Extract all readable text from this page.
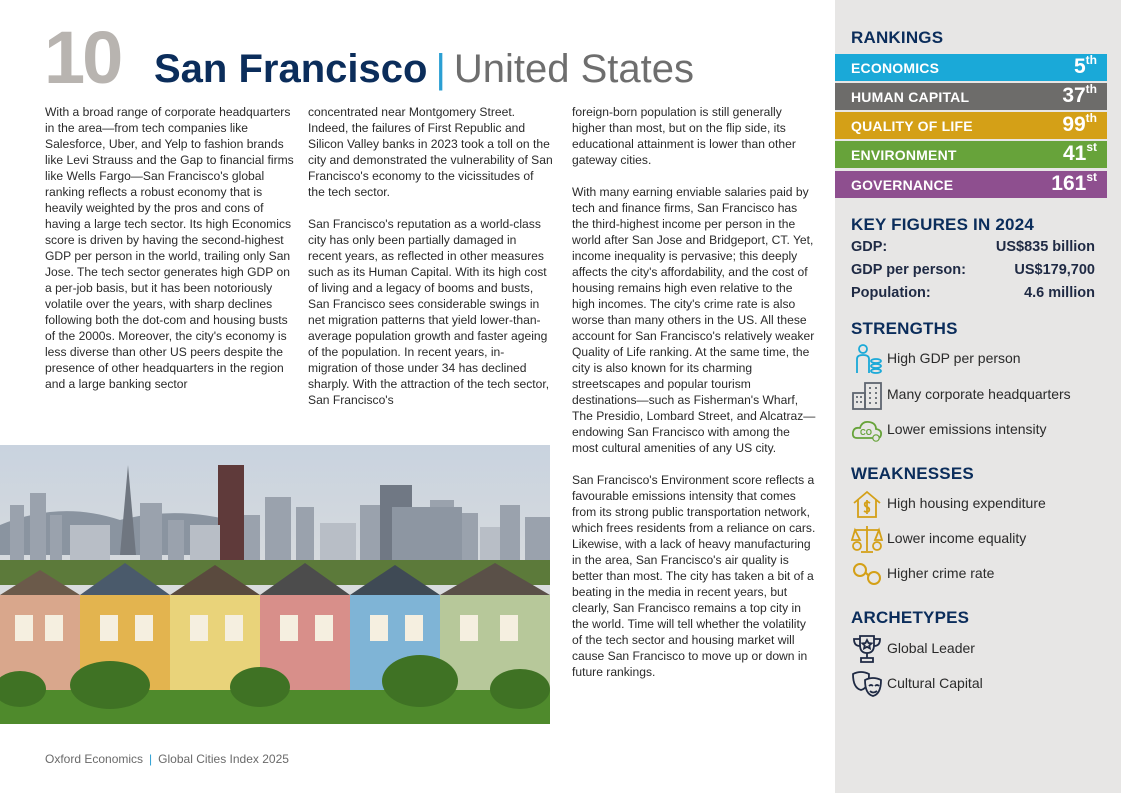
10 San Francisco | United States

With a broad range of corporate headquarters in the area—from tech companies like Salesforce, Uber, and Yelp to fashion brands like Levi Strauss and the Gap to financial firms like Wells Fargo—San Francisco's global ranking reflects a robust economy that is heavily weighted by the pros and cons of having a large tech sector. Its high Economics score is driven by having the second-highest GDP per person in the world, trailing only San Jose. The tech sector generates high GDP on a per-job basis, but it has been notoriously volatile over the years, with sharp declines following both the dot-com and housing busts of the 2000s. Moreover, the city's economy is less diverse than other US peers despite the presence of other headquarters in the region and a large banking sector

concentrated near Montgomery Street. Indeed, the failures of First Republic and Silicon Valley banks in 2023 took a toll on the city and demonstrated the vulnerability of San Francisco's economy to the vicissitudes of the tech sector.

San Francisco's reputation as a world-class city has only been partially damaged in recent years, as reflected in other measures such as its Human Capital. With its high cost of living and a legacy of booms and busts, San Francisco sees considerable swings in net migration patterns that yield lower-than-average population growth and faster ageing of the population. In recent years, in-migration of those under 34 has declined sharply. With the attraction of the tech sector, San Francisco's

foreign-born population is still generally higher than most, but on the flip side, its educational attainment is lower than other gateway cities.

With many earning enviable salaries paid by tech and finance firms, San Francisco has the third-highest income per person in the world after San Jose and Bridgeport, CT. Yet, income inequality is pervasive; this deeply affects the city's affordability, and the cost of housing remains high even relative to the high incomes. The city's crime rate is also worse than many others in the US. All these account for San Francisco's relatively weaker Quality of Life ranking. At the same time, the city is also known for its charming streetscapes and popular tourism destinations—such as Fisherman's Wharf, The Presidio, Lombard Street, and Alcatraz—endowing San Francisco with among the most cultural amenities of any US city.

San Francisco's Environment score reflects a favourable emissions intensity that comes from its strong public transportation network, which frees residents from a reliance on cars. Likewise, with a lack of heavy manufacturing in the area, San Francisco's air quality is better than most. The city has taken a bit of a beating in the media in recent years, but clearly, San Francisco remains a top city in the world. Time will tell whether the volatility of the tech sector and housing market will cause San Francisco to move up or down in future rankings.

Oxford Economics | Global Cities Index 2025
RANKINGS
ECONOMICS	5th
HUMAN CAPITAL	37th
QUALITY OF LIFE	99th
ENVIRONMENT	41st
GOVERNANCE	161st
KEY FIGURES IN 2024
GDP:	US$835 billion
GDP per person:	US$179,700
Population:	4.6 million
STRENGTHS
High GDP per person
Many corporate headquarters
CO Lower emissions intensity
WEAKNESSES
High housing expenditure
Lower income equality
Higher crime rate
ARCHETYPES
Global Leader
Cultural Capital
